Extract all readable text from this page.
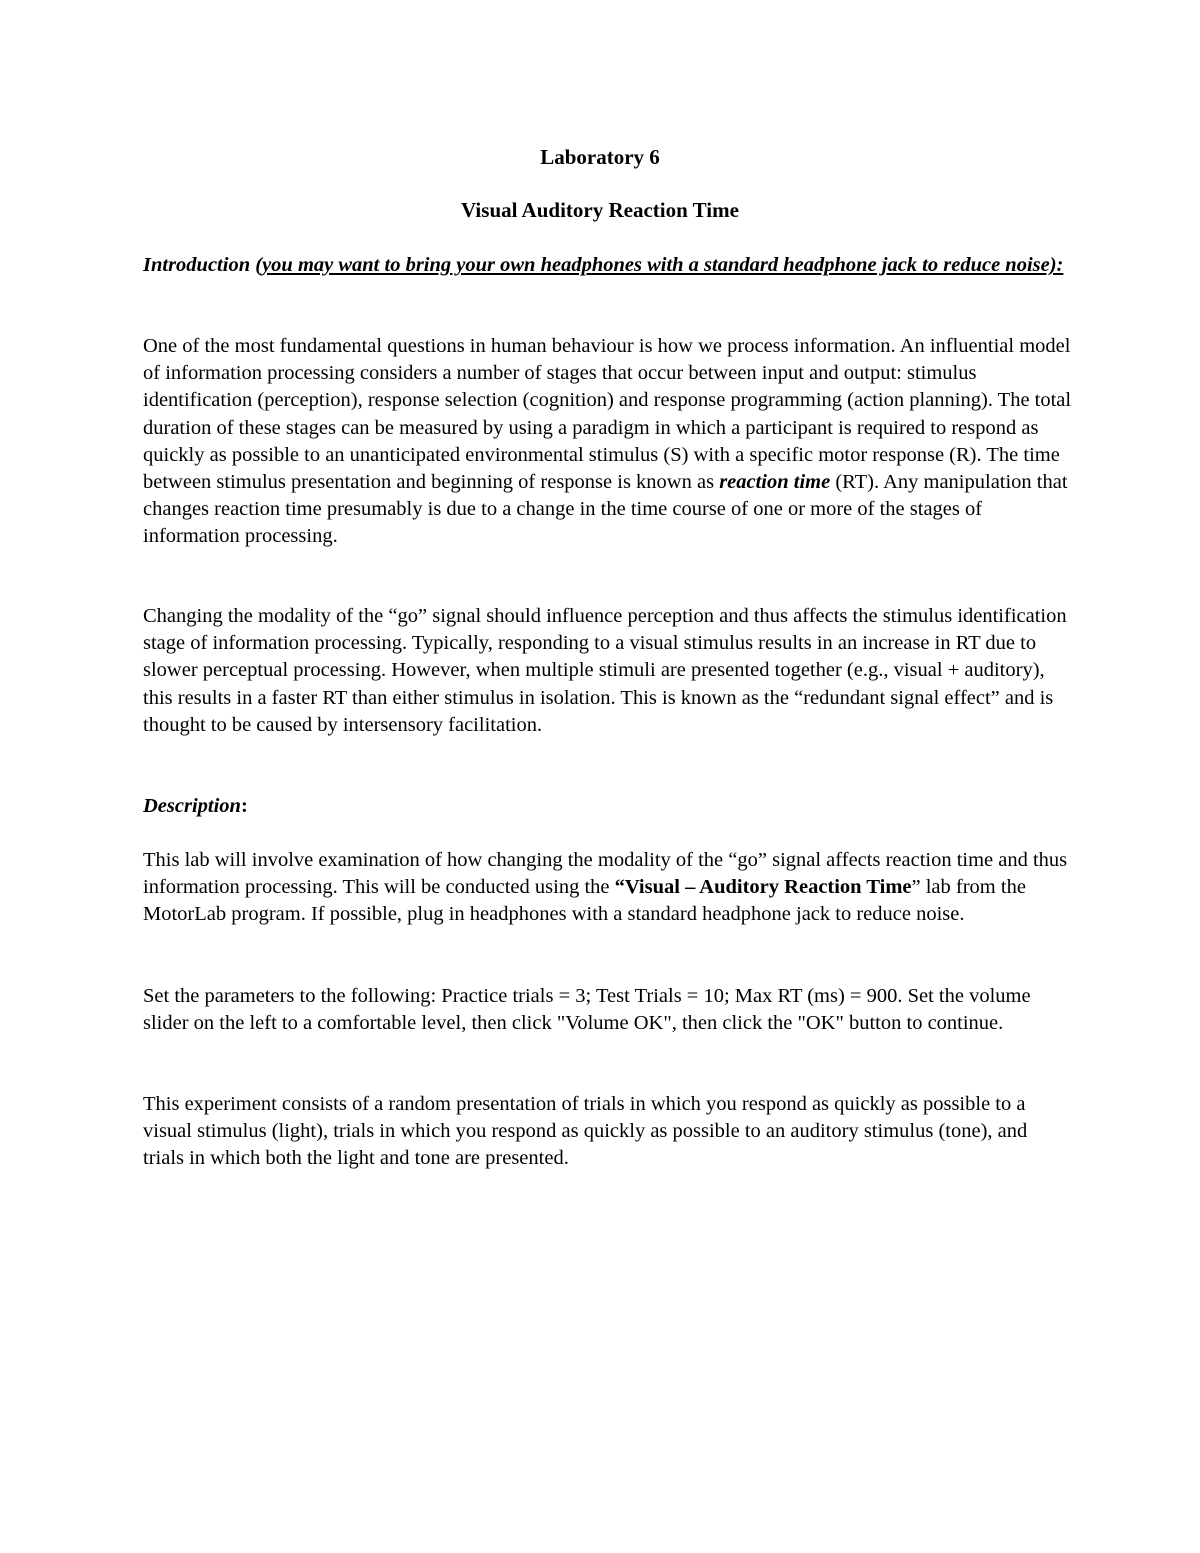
Laboratory 6

Visual Auditory Reaction Time

Introduction (you may want to bring your own headphones with a standard headphone jack to reduce noise):

One of the most fundamental questions in human behaviour is how we process information. An influential model of information processing considers a number of stages that occur between input and output: stimulus identification (perception), response selection (cognition) and response programming (action planning). The total duration of these stages can be measured by using a paradigm in which a participant is required to respond as quickly as possible to an unanticipated environmental stimulus (S) with a specific motor response (R). The time between stimulus presentation and beginning of response is known as reaction time (RT). Any manipulation that changes reaction time presumably is due to a change in the time course of one or more of the stages of information processing.

Changing the modality of the “go” signal should influence perception and thus affects the stimulus identification stage of information processing. Typically, responding to a visual stimulus results in an increase in RT due to slower perceptual processing. However, when multiple stimuli are presented together (e.g., visual + auditory), this results in a faster RT than either stimulus in isolation. This is known as the “redundant signal effect” and is thought to be caused by intersensory facilitation.

Description:

This lab will involve examination of how changing the modality of the “go” signal affects reaction time and thus information processing. This will be conducted using the “Visual – Auditory Reaction Time” lab from the MotorLab program. If possible, plug in headphones with a standard headphone jack to reduce noise.

Set the parameters to the following: Practice trials = 3; Test Trials = 10; Max RT (ms) = 900. Set the volume slider on the left to a comfortable level, then click "Volume OK", then click the "OK" button to continue.

This experiment consists of a random presentation of trials in which you respond as quickly as possible to a visual stimulus (light), trials in which you respond as quickly as possible to an auditory stimulus (tone), and trials in which both the light and tone are presented.
